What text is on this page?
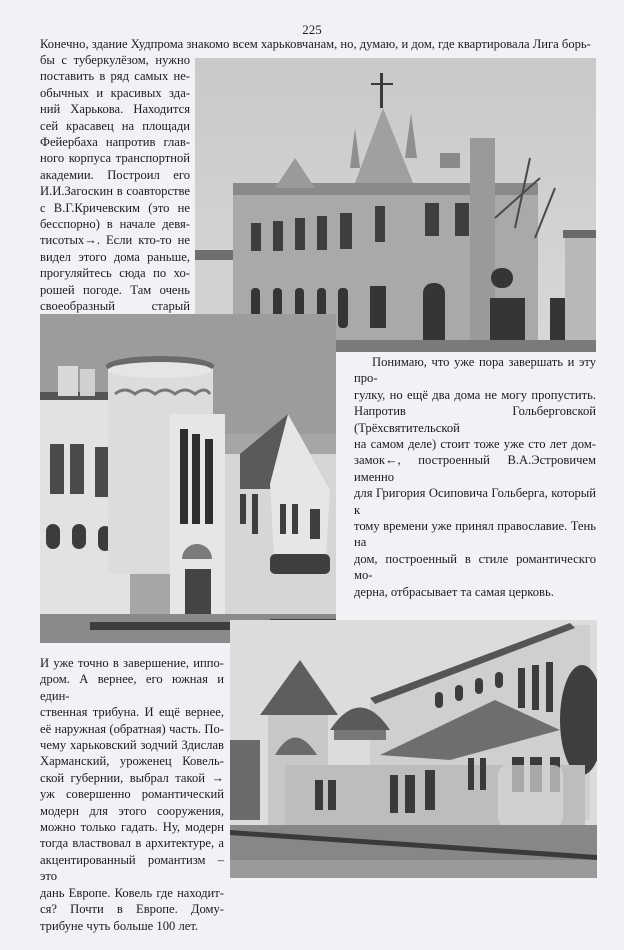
225
Конечно, здание Худпрома знакомо всем харьковчанам, но, думаю, и дом, где квартировала Лига борь-
бы с туберкулёзом, нужно
поставить в ряд самых не-
обычных и красивых зда-
ний Харькова. Находится
сей красавец на площади
Фейербаха напротив глав-
ного корпуса транспортной
академии. Построил его
И.И.Загоскин в соавторстве
с В.Г.Кричевским (это не
бесспорно) в начале девя-
тисотых→. Если кто-то не
видел этого дома раньше,
прогуляйтесь сюда по хо-
рошей погоде. Там очень
своеобразный старый
Понимаю, что уже пора завершать и эту про-
гулку, но ещё два дома не могу пропустить.
Напротив Гольберговской (Трёхсвятительской
на самом деле) стоит тоже уже сто лет дом-
замок←, построенный В.А.Эстровичем именно
для Григория Осиповича Гольберга, который к
тому времени уже принял православие. Тень на
дом, построенный в стиле романтическго мо-
дерна, отбрасывает та самая церковь.
И уже точно в завершение, иппо-
дром. А вернее, его южная и един-
ственная трибуна. И ещё вернее,
её наружная (обратная) часть. По-
чему харьковский зодчий Здислав
Харманский, уроженец Ковель-
ской губернии, выбрал такой →
уж совершенно романтический
модерн для этого сооружения,
можно только гадать. Ну, модерн
тогда властвовал в архитектуре, а
акцентированный романтизм – это
дань Европе. Ковель где находит-
ся? Почти в Европе. Дому-
трибуне чуть больше 100 лет.
